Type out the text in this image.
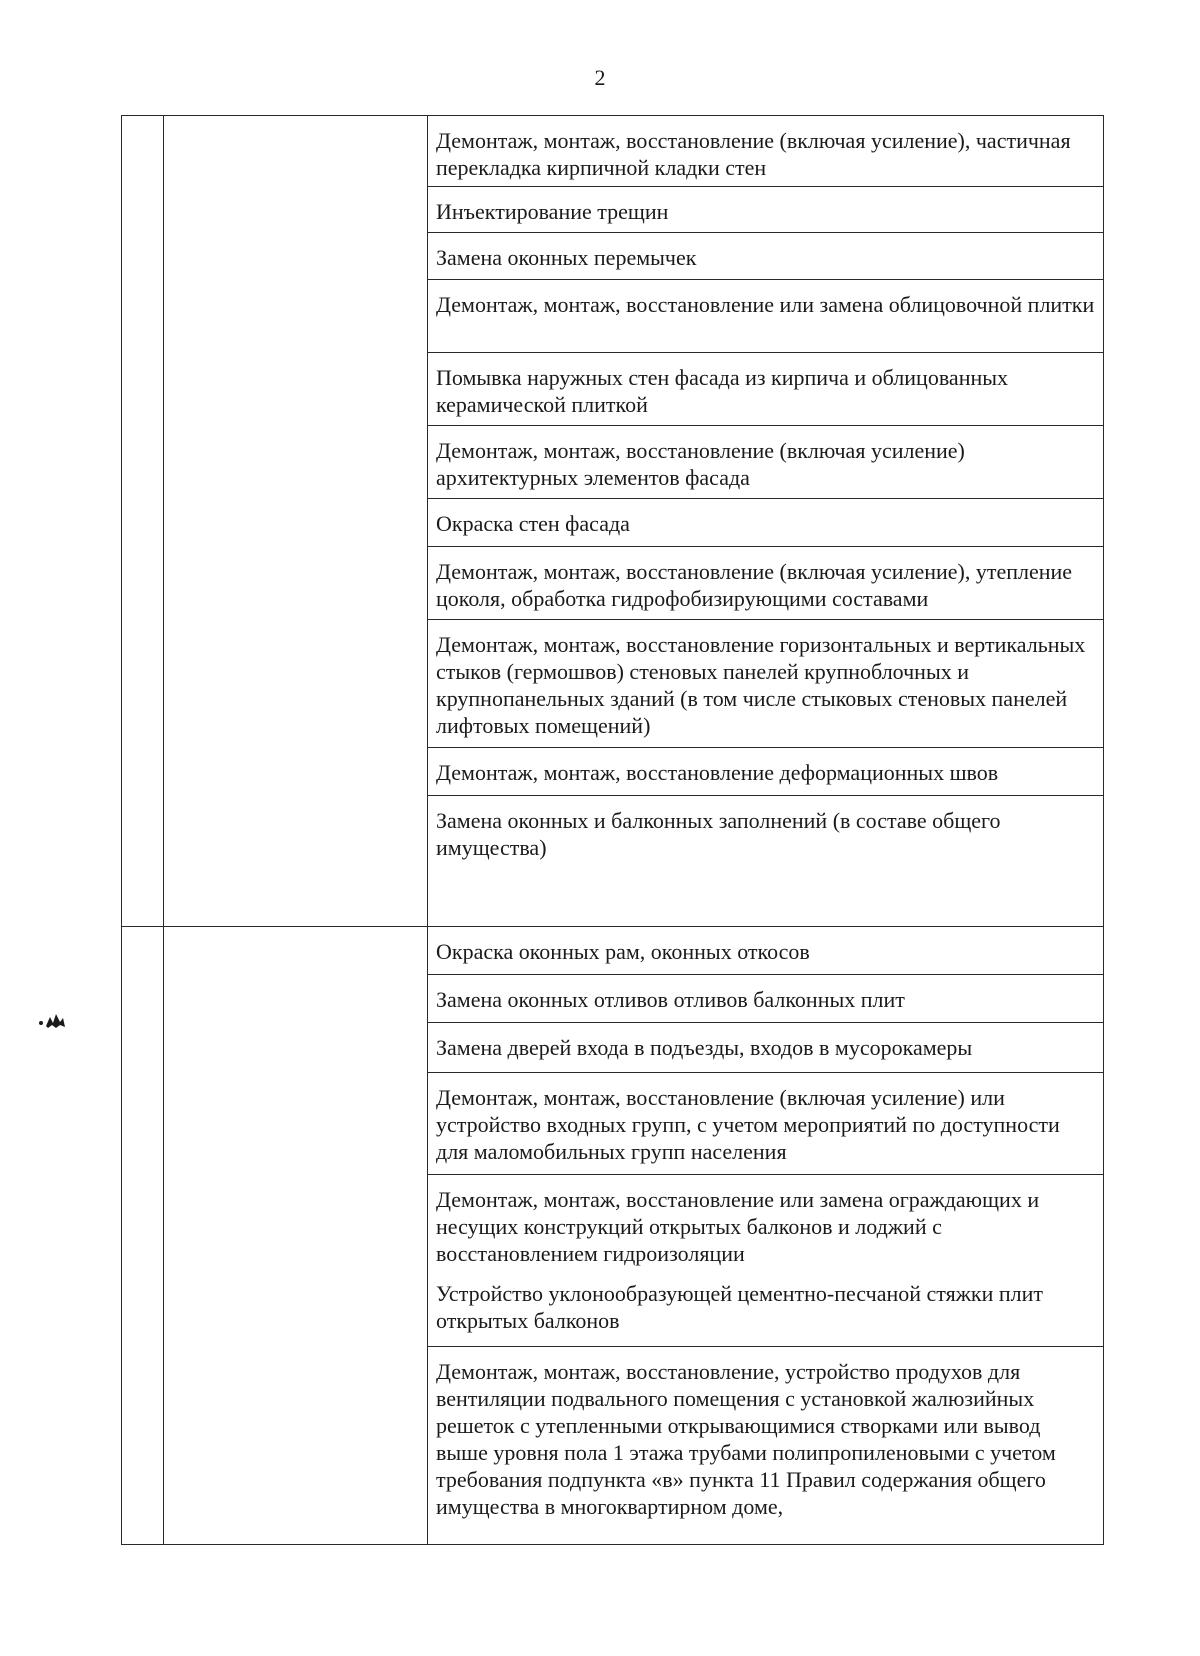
2
Демонтаж, монтаж, восстановление (включая усиление), частичная перекладка кирпичной кладки стен
Инъектирование трещин
Замена оконных перемычек
Демонтаж, монтаж, восстановление или замена облицовочной плитки
Помывка наружных стен фасада из кирпича и облицованных керамической плиткой
Демонтаж, монтаж, восстановление (включая усиление) архитектурных элементов фасада
Окраска стен фасада
Демонтаж, монтаж, восстановление (включая усиление), утепление цоколя, обработка гидрофобизирующими составами
Демонтаж, монтаж, восстановление горизонтальных и вертикальных стыков (гермошвов) стеновых панелей крупноблочных и крупнопанельных зданий (в том числе стыковых стеновых панелей лифтовых помещений)
Демонтаж, монтаж, восстановление деформационных швов
Замена оконных и балконных заполнений (в составе общего имущества)
Окраска оконных рам, оконных откосов
Замена оконных отливов отливов балконных плит
Замена дверей входа в подъезды, входов в мусорокамеры
Демонтаж, монтаж, восстановление (включая усиление) или устройство входных групп, с учетом мероприятий по доступности для маломобильных групп населения
Демонтаж, монтаж, восстановление или замена ограждающих и несущих конструкций открытых балконов и лоджий с восстановлением гидроизоляции
Устройство уклонообразующей цементно-песчаной стяжки плит открытых балконов
Демонтаж, монтаж, восстановление, устройство продухов для вентиляции подвального помещения с установкой жалюзийных решеток с утепленными открывающимися створками или вывод выше уровня пола 1 этажа трубами полипропиленовыми с учетом требования подпункта «в» пункта 11 Правил содержания общего имущества в многоквартирном доме,
